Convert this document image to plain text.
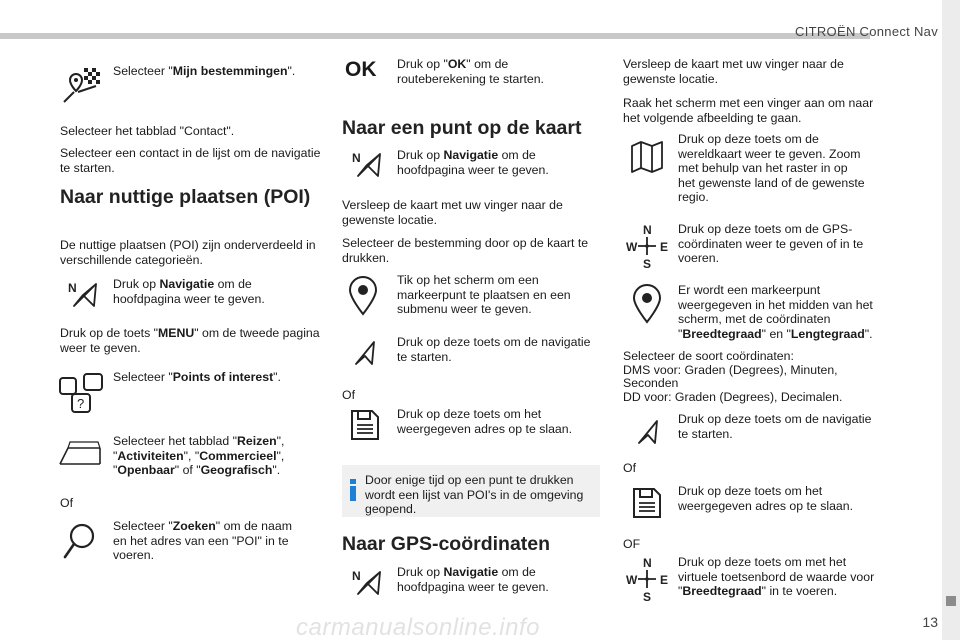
CITROËN Connect Nav
13
carmanualsonline.info
Selecteer "Mijn bestemmingen".
Selecteer het tabblad "Contact".
Selecteer een contact in de lijst om de navigatie te starten.
Naar nuttige plaatsen (POI)
De nuttige plaatsen (POI) zijn onderverdeeld in verschillende categorieën.
N	Druk op Navigatie om de hoofdpagina weer te geven.
Druk op de toets "MENU" om de tweede pagina weer te geven.
?
Selecteer "Points of interest".
Selecteer het tabblad "Reizen", "Activiteiten", "Commercieel", "Openbaar" of "Geografisch".
Of
Selecteer "Zoeken" om de naam en het adres van een "POI" in te voeren.
OK	Druk op "OK" om de routeberekening te starten.
Naar een punt op de kaart
N	Druk op Navigatie om de hoofdpagina weer te geven.
Versleep de kaart met uw vinger naar de gewenste locatie.
Selecteer de bestemming door op de kaart te drukken.
Tik op het scherm om een markeerpunt te plaatsen en een submenu weer te geven.
Druk op deze toets om de navigatie te starten.
Of
Druk op deze toets om het weergegeven adres op te slaan.
Door enige tijd op een punt te drukken wordt een lijst van POI's in de omgeving geopend.
Naar GPS-coördinaten
N	Druk op Navigatie om de hoofdpagina weer te geven.
Versleep de kaart met uw vinger naar de gewenste locatie.
Raak het scherm met een vinger aan om naar het volgende afbeelding te gaan.
Druk op deze toets om de wereldkaart weer te geven. Zoom met behulp van het raster in op het gewenste land of de gewenste regio.
N
W E
S
Druk op deze toets om de GPS-coördinaten weer te geven of in te voeren.
Er wordt een markeerpunt weergegeven in het midden van het scherm, met de coördinaten "Breedtegraad" en "Lengtegraad".
Selecteer de soort coördinaten:
DMS voor: Graden (Degrees), Minuten, Seconden
DD voor: Graden (Degrees), Decimalen.
Druk op deze toets om de navigatie te starten.
Of
Druk op deze toets om het weergegeven adres op te slaan.
OF
N
W E
S
Druk op deze toets om met het virtuele toetsenbord de waarde voor "Breedtegraad" in te voeren.
